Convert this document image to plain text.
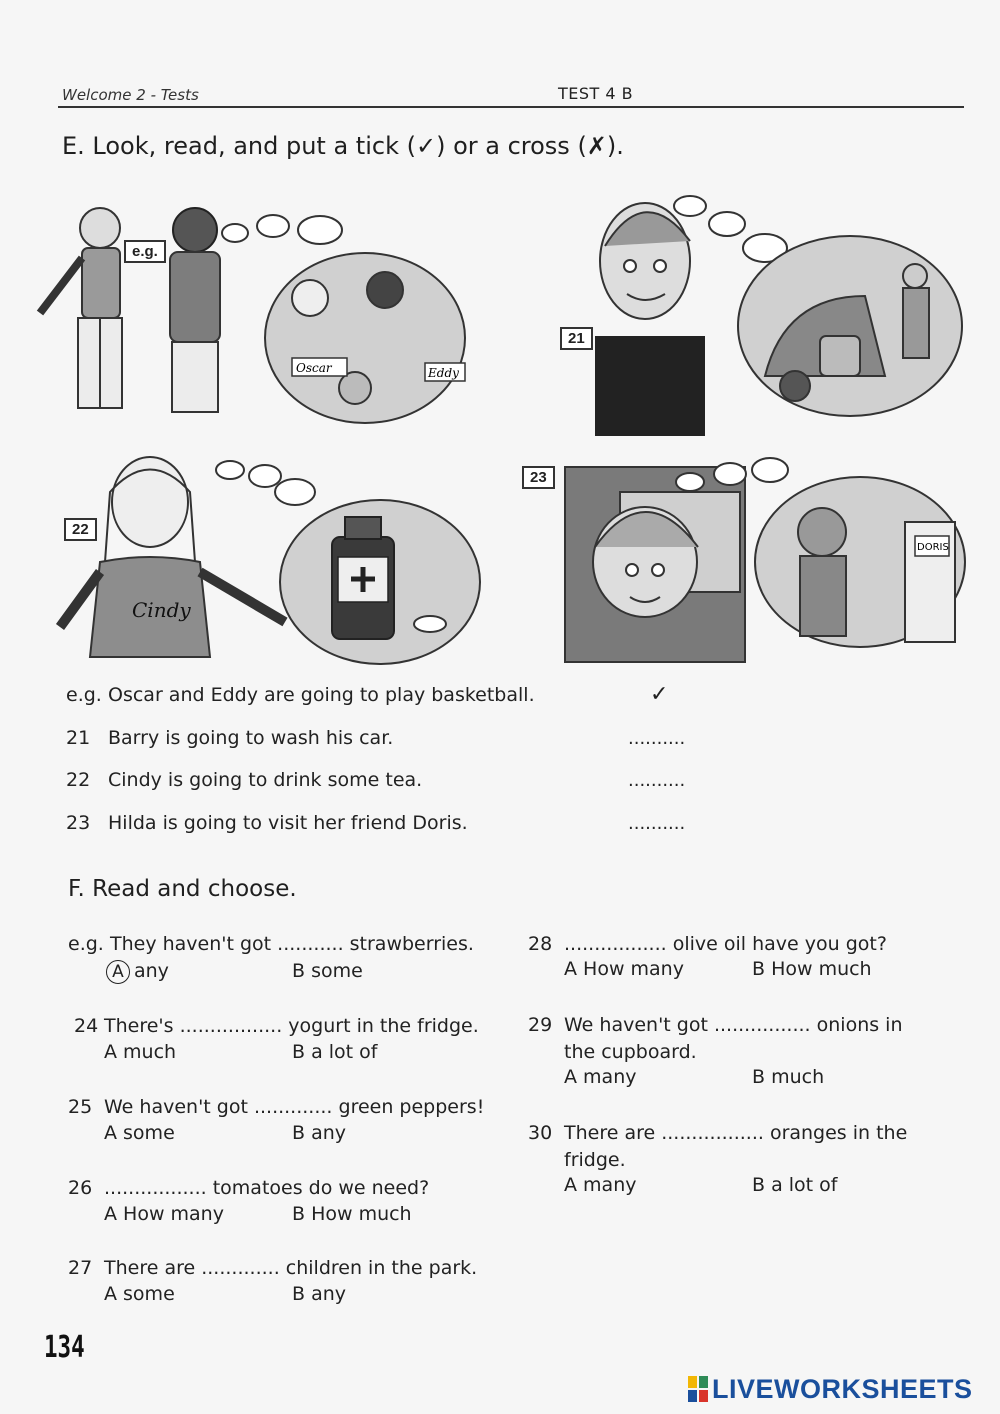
Welcome 2 - Tests	TEST 4 B
E. Look, read, and put a tick (✓) or a cross (✗).
Oscar	Eddy
e.g.
21
Cindy
22
DORIS
23
e.g. Oscar and Eddy are going to play basketball.	✓
21 Barry is going to wash his car.	..........
22 Cindy is going to drink some tea.	..........
23 Hilda is going to visit her friend Doris.	..........
F. Read and choose.
e.g. They haven't got ........... strawberries.
A any	B some
24 There's ................. yogurt in the fridge.
A much	B a lot of
25 We haven't got ............. green peppers!
A some	B any
26 ................. tomatoes do we need?
A How many	B How much
27 There are ............. children in the park.
A some	B any
28 ................. olive oil have you got?
A How many	B How much
29 We haven't got ................ onions in
the cupboard.
A many	B much
30 There are ................. oranges in the
fridge.
A many	B a lot of
134
LIVEWORKSHEETS
